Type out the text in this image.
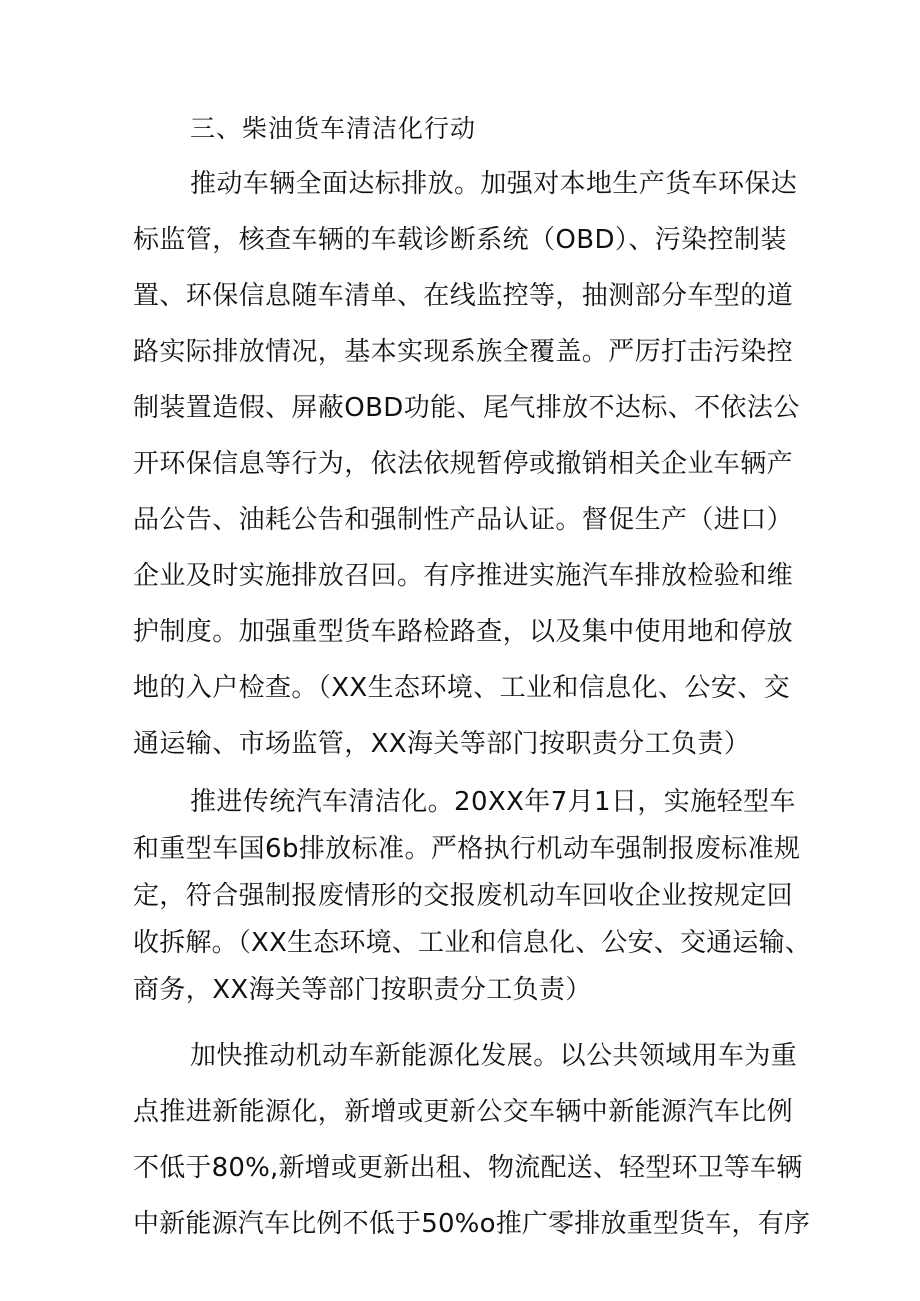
三、柴油货车清洁化行动
推动车辆全面达标排放。加强对本地生产货车环保达
标监管，核查车辆的车载诊断系统（OBD）、污染控制装
置、环保信息随车清单、在线监控等，抽测部分车型的道
路实际排放情况，基本实现系族全覆盖。严厉打击污染控
制装置造假、屏蔽OBD功能、尾气排放不达标、不依法公
开环保信息等行为，依法依规暂停或撤销相关企业车辆产
品公告、油耗公告和强制性产品认证。督促生产（进口）
企业及时实施排放召回。有序推进实施汽车排放检验和维
护制度。加强重型货车路检路查，以及集中使用地和停放
地的入户检查。（XX生态环境、工业和信息化、公安、交
通运输、市场监管，XX海关等部门按职责分工负责）
推进传统汽车清洁化。20XX年7月1日，实施轻型车
和重型车国6b排放标准。严格执行机动车强制报废标准规
定，符合强制报废情形的交报废机动车回收企业按规定回
收拆解。（XX生态环境、工业和信息化、公安、交通运输、
商务，XX海关等部门按职责分工负责）
加快推动机动车新能源化发展。以公共领域用车为重
点推进新能源化，新增或更新公交车辆中新能源汽车比例
不低于80%,新增或更新出租、物流配送、轻型环卫等车辆
中新能源汽车比例不低于50%o推广零排放重型货车，有序
